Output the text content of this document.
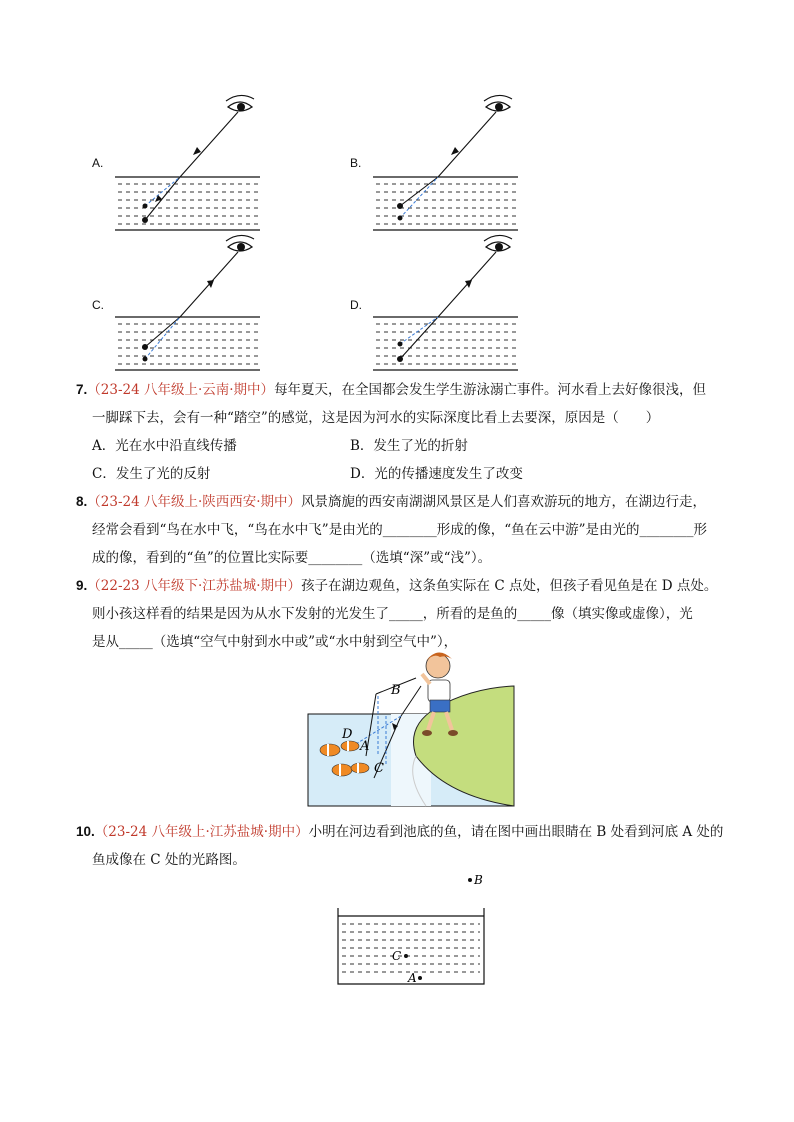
A.	B.
C.	D.
7.（23-24 八年级上·云南·期中）每年夏天，在全国都会发生学生游泳溺亡事件。河水看上去好像很浅，但
一脚踩下去，会有一种“踏空”的感觉，这是因为河水的实际深度比看上去要深，原因是（　　）
A．光在水中沿直线传播	B．发生了光的折射
C．发生了光的反射	D．光的传播速度发生了改变
8.（23-24 八年级上·陕西西安·期中）风景旖旎的西安南湖湖风景区是人们喜欢游玩的地方，在湖边行走，
经常会看到“鸟在水中飞，“鸟在水中飞”是由光的________形成的像，“鱼在云中游”是由光的________形
成的像，看到的“鱼”的位置比实际要________（选填“深”或“浅”）。
9.（22-23 八年级下·江苏盐城·期中）孩子在湖边观鱼，这条鱼实际在 C 点处，但孩子看见鱼是在 D 点处。
则小孩这样看的结果是因为从水下发射的光发生了_____，所看的是鱼的_____像（填实像或虚像），光
是从_____（选填“空气中射到水中或”或“水中射到空气中”），
B
D
A
C
10.（23-24 八年级上·江苏盐城·期中）小明在河边看到池底的鱼，请在图中画出眼睛在 B 处看到河底 A 处的
鱼成像在 C 处的光路图。
B
C
A
